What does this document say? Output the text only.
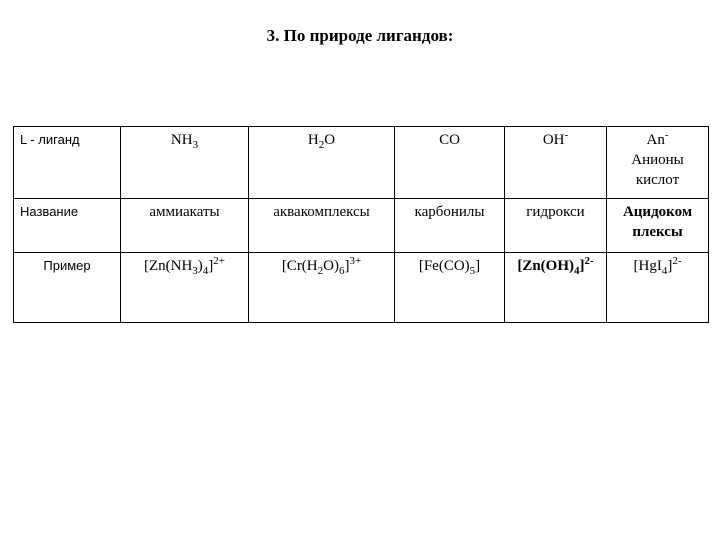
3. По природе лигандов:
L - лиганд	$NH_3$	$H_2O$	CO	OH-	An-
Анионы
кислот

Название	аммиакаты	аквакомплексы	карбонилы	гидрокси	Ацидоком
плексы

Пример	$[Zn(NH_3)_4]^{2+}$	$[Cr(H_2O)_6]^{3+}$	$[Fe(CO)_5]$	$[Zn(OH)_4]^{2-}$	$[HgI_4]^{2-}$
